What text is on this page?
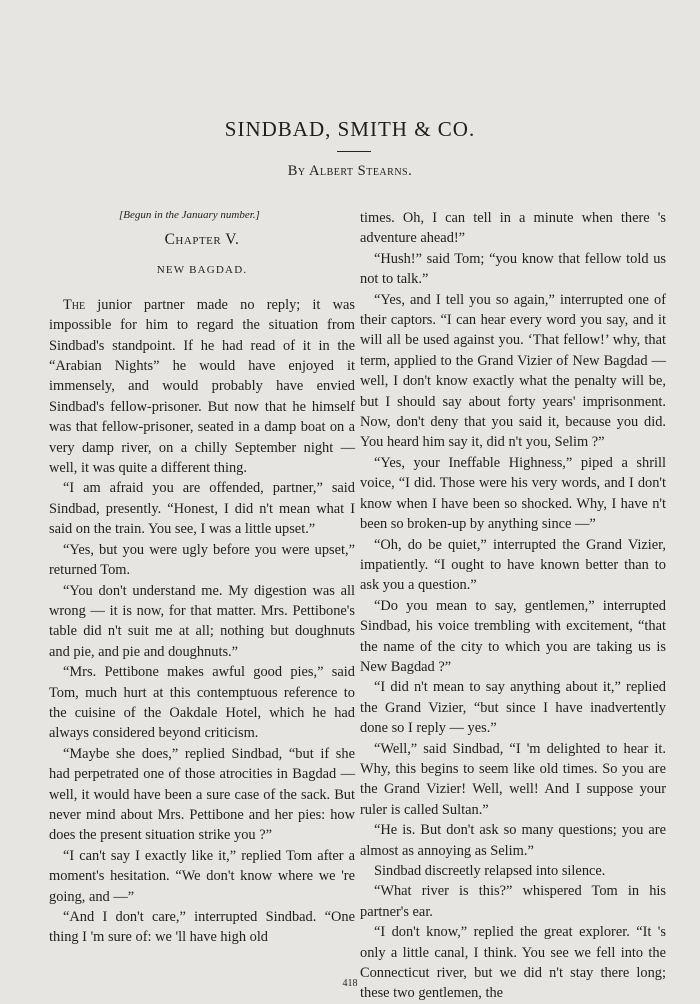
SINDBAD, SMITH & CO.
By Albert Stearns.

[Begun in the January number.]

Chapter V.

NEW BAGDAD.

The junior partner made no reply; it was impossible for him to regard the situation from Sindbad's standpoint. If he had read of it in the “Arabian Nights” he would have enjoyed it immensely, and would probably have envied Sindbad's fellow-prisoner. But now that he himself was that fellow-prisoner, seated in a damp boat on a very damp river, on a chilly September night — well, it was quite a different thing.

“I am afraid you are offended, partner,” said Sindbad, presently. “Honest, I did n't mean what I said on the train. You see, I was a little upset.”

“Yes, but you were ugly before you were upset,” returned Tom.

“You don't understand me. My digestion was all wrong — it is now, for that matter. Mrs. Pettibone's table did n't suit me at all; nothing but doughnuts and pie, and pie and doughnuts.”

“Mrs. Pettibone makes awful good pies,” said Tom, much hurt at this contemptuous reference to the cuisine of the Oakdale Hotel, which he had always considered beyond criticism.

“Maybe she does,” replied Sindbad, “but if she had perpetrated one of those atrocities in Bagdad — well, it would have been a sure case of the sack. But never mind about Mrs. Pettibone and her pies: how does the present situation strike you ?”

“I can't say I exactly like it,” replied Tom after a moment's hesitation. “We don't know where we 're going, and —”

“And I don't care,” interrupted Sindbad. “One thing I 'm sure of: we 'll have high old

times. Oh, I can tell in a minute when there 's adventure ahead!”

“Hush!” said Tom; “you know that fellow told us not to talk.”

“Yes, and I tell you so again,” interrupted one of their captors. “I can hear every word you say, and it will all be used against you. ‘That fellow!’ why, that term, applied to the Grand Vizier of New Bagdad — well, I don't know exactly what the penalty will be, but I should say about forty years' imprisonment. Now, don't deny that you said it, because you did. You heard him say it, did n't you, Selim ?”

“Yes, your Ineffable Highness,” piped a shrill voice, “I did. Those were his very words, and I don't know when I have been so shocked. Why, I have n't been so broken-up by anything since —”

“Oh, do be quiet,” interrupted the Grand Vizier, impatiently. “I ought to have known better than to ask you a question.”

“Do you mean to say, gentlemen,” interrupted Sindbad, his voice trembling with excitement, “that the name of the city to which you are taking us is New Bagdad ?”

“I did n't mean to say anything about it,” replied the Grand Vizier, “but since I have inadvertently done so I reply — yes.”

“Well,” said Sindbad, “I 'm delighted to hear it. Why, this begins to seem like old times. So you are the Grand Vizier! Well, well! And I suppose your ruler is called Sultan.”

“He is. But don't ask so many questions; you are almost as annoying as Selim.”

Sindbad discreetly relapsed into silence.

“What river is this?” whispered Tom in his partner's ear.

“I don't know,” replied the great explorer. “It 's only a little canal, I think. You see we fell into the Connecticut river, but we did n't stay there long; these two gentlemen, the

418
